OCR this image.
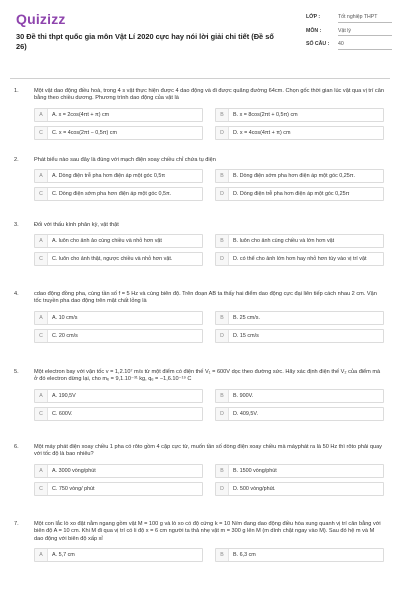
Quizizz
30 Đề thi thpt quốc gia môn Vật Lí 2020 cực hay nói lời giải chi tiết (Đề số 26)
LỚP :	Tốt nghiệp THPT
MÔN :	Vật lý
SỐ CÂU :	40
1.	Một vật dao động điều hoà, trong 4 s vật thực hiện được 4 dao động và đi được quãng đường 64cm. Chọn gốc thời gian lúc vật qua vị trí cân bằng theo chiều dương. Phương trình dao động của vật là
A	A. x = 2cos(4πt + π) cm	B	B. x = 8cos(2πt + 0,5π) cm
C	C. x = 4cos(2πt − 0,5π) cm	D	D. x = 4cos(4πt + π) cm
2.	Phát biểu nào sau đây là đúng với mạch điện xoay chiều chỉ chứa tụ điện
A	A. Dòng điện trễ pha hơn điện áp một góc 0,5π	B	B. Dòng điện sớm pha hơn điện áp một góc 0,25π.
C	C. Dòng điện sớm pha hơn điện áp một góc 0,5π.	D	D. Dòng điện trễ pha hơn điện áp một góc 0,25π
3.	Đối với thấu kính phân kỳ, vật thật
A	A. luôn cho ảnh ảo cùng chiều và nhỏ hơn vật	B	B. luôn cho ảnh cùng chiều và lớn hơn vật
C	C. luôn cho ảnh thật, ngược chiều và nhỏ hơn vật.	D	D. có thể cho ảnh lớn hơn hay nhỏ hơn tùy vào vị trí vật
4.	cdao động đồng pha, cùng tần số f = 5 Hz và cùng biên độ. Trên đoạn AB ta thấy hai điểm dao động cực đại liên tiếp cách nhau 2 cm. Vận tốc truyền pha dao động trên mặt chất lỏng là
A	A. 10 cm/s	B	B. 25 cm/s.
C	C. 20 cm/s	D	D. 15 cm/s
5.	Một electron bay với vận tốc v = 1,2.10⁷ m/s từ một điểm có điện thế V₁ = 600V dọc theo đường sức. Hãy xác định điện thế V₂ của điểm mà ở đó electron dừng lại, cho mₑ = 9,1.10⁻³¹ kg, qₑ = −1,6.10⁻¹⁹ C
A	A. 190,5V	B	B. 900V.
C	C. 600V.	D	D. 409,5V.
6.	Một máy phát điện xoay chiều 1 pha có rôto gồm 4 cặp cực từ, muốn tần số dòng điện xoay chiều mà máyphát ra là 50 Hz thì rôto phải quay với tốc độ là bao nhiêu?
A	A. 3000 vòng/phút	B	B. 1500 vòng/phút
C	C. 750 vòng/ phút	D	D. 500 vòng/phút.
7.	Một con lắc lò xo đặt nằm ngang gồm vật M = 100 g và lò xo có độ cứng k = 10 N/m đang dao động điều hòa xung quanh vị trí cân bằng với biên độ A = 10 cm. Khi M đi qua vị trí có li độ x = 6 cm người ta thả nhẹ vật m = 300 g lên M (m dính chặt ngay vào M). Sau đó hệ m và M dao động với biên độ xấp xỉ
A	A. 5,7 cm	B	B. 6,3 cm
